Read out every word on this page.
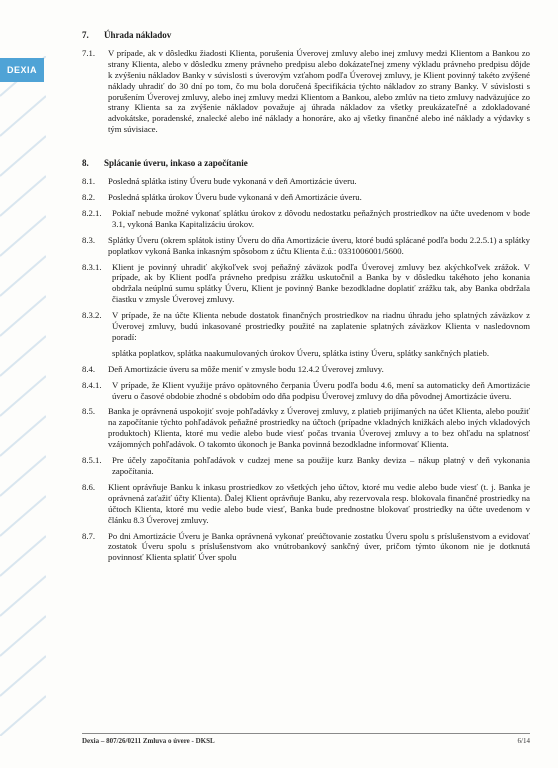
DEXIA
7.	Úhrada nákladov
7.1.	V prípade, ak v dôsledku žiadosti Klienta, porušenia Úverovej zmluvy alebo inej zmluvy medzi Klientom a Bankou zo strany Klienta, alebo v dôsledku zmeny právneho predpisu alebo dokázateľnej zmeny výkladu právneho predpisu dôjde k zvýšeniu nákladov Banky v súvislosti s úverovým vzťahom podľa Úverovej zmluvy, je Klient povinný takéto zvýšené náklady uhradiť do 30 dní po tom, čo mu bola doručená špecifikácia týchto nákladov zo strany Banky. V súvislosti s porušením Úverovej zmluvy, alebo inej zmluvy medzi Klientom a Bankou, alebo zmlúv na tieto zmluvy nadväzujúce zo strany Klienta sa za zvýšenie nákladov považuje aj úhrada nákladov za všetky preukázateľné a zdokladované advokátske, poradenské, znalecké alebo iné náklady a honoráre, ako aj všetky finančné alebo iné náklady a výdavky s tým súvisiace.
8.	Splácanie úveru, inkaso a započítanie
8.1.	Posledná splátka istiny Úveru bude vykonaná v deň Amortizácie úveru.
8.2.	Posledná splátka úrokov Úveru bude vykonaná v deň Amortizácie úveru.
8.2.1.	Pokiaľ nebude možné vykonať splátku úrokov z dôvodu nedostatku peňažných prostriedkov na účte uvedenom v bode 3.1, vykoná Banka Kapitalizáciu úrokov.
8.3.	Splátky Úveru (okrem splátok istiny Úveru do dňa Amortizácie úveru, ktoré budú splácané podľa bodu 2.2.5.1) a splátky poplatkov vykoná Banka inkasným spôsobom z účtu Klienta č.ú.: 0331006001/5600.
8.3.1.	Klient je povinný uhradiť akýkoľvek svoj peňažný záväzok podľa Úverovej zmluvy bez akýchkoľvek zrážok. V prípade, ak by Klient podľa právneho predpisu zrážku uskutočnil a Banka by v dôsledku takéhoto jeho konania obdržala neúplnú sumu splátky Úveru, Klient je povinný Banke bezodkladne doplatiť zrážku tak, aby Banka obdržala čiastku v zmysle Úverovej zmluvy.
8.3.2.	V prípade, že na účte Klienta nebude dostatok finančných prostriedkov na riadnu úhradu jeho splatných záväzkov z Úverovej zmluvy, budú inkasované prostriedky použité na zaplatenie splatných záväzkov Klienta v nasledovnom poradí:
splátka poplatkov, splátka naakumulovaných úrokov Úveru, splátka istiny Úveru, splátky sankčných platieb.
8.4.	Deň Amortizácie úveru sa môže meniť v zmysle bodu 12.4.2 Úverovej zmluvy.
8.4.1.	V prípade, že Klient využije právo opätovného čerpania Úveru podľa bodu 4.6, mení sa automaticky deň Amortizácie úveru o časové obdobie zhodné s obdobím odo dňa podpisu Úverovej zmluvy do dňa pôvodnej Amortizácie úveru.
8.5.	Banka je oprávnená uspokojiť svoje pohľadávky z Úverovej zmluvy, z platieb prijímaných na účet Klienta, alebo použiť na započítanie týchto pohľadávok peňažné prostriedky na účtoch (prípadne vkladných knižkách alebo iných vkladových produktoch) Klienta, ktoré mu vedie alebo bude viesť počas trvania Úverovej zmluvy a to bez ohľadu na splatnosť vzájomných pohľadávok. O takomto úkonoch je Banka povinná bezodkladne informovať Klienta.
8.5.1.	Pre účely započítania pohľadávok v cudzej mene sa použije kurz Banky deviza – nákup platný v deň vykonania započítania.
8.6.	Klient oprávňuje Banku k inkasu prostriedkov zo všetkých jeho účtov, ktoré mu vedie alebo bude viesť (t. j. Banka je oprávnená zaťažiť účty Klienta). Ďalej Klient oprávňuje Banku, aby rezervovala resp. blokovala finančné prostriedky na účtoch Klienta, ktoré mu vedie alebo bude viesť, Banka bude prednostne blokovať prostriedky na účte uvedenom v článku 8.3 Úverovej zmluvy.
8.7.	Po dni Amortizácie Úveru je Banka oprávnená vykonať preúčtovanie zostatku Úveru spolu s príslušenstvom a evidovať zostatok Úveru spolu s príslušenstvom ako vnútrobankový sankčný úver, pričom týmto úkonom nie je dotknutá povinnosť Klienta splatiť Úver spolu
Dexia – 807/26/0211 Zmluva o úvere - DKSL	6/14
